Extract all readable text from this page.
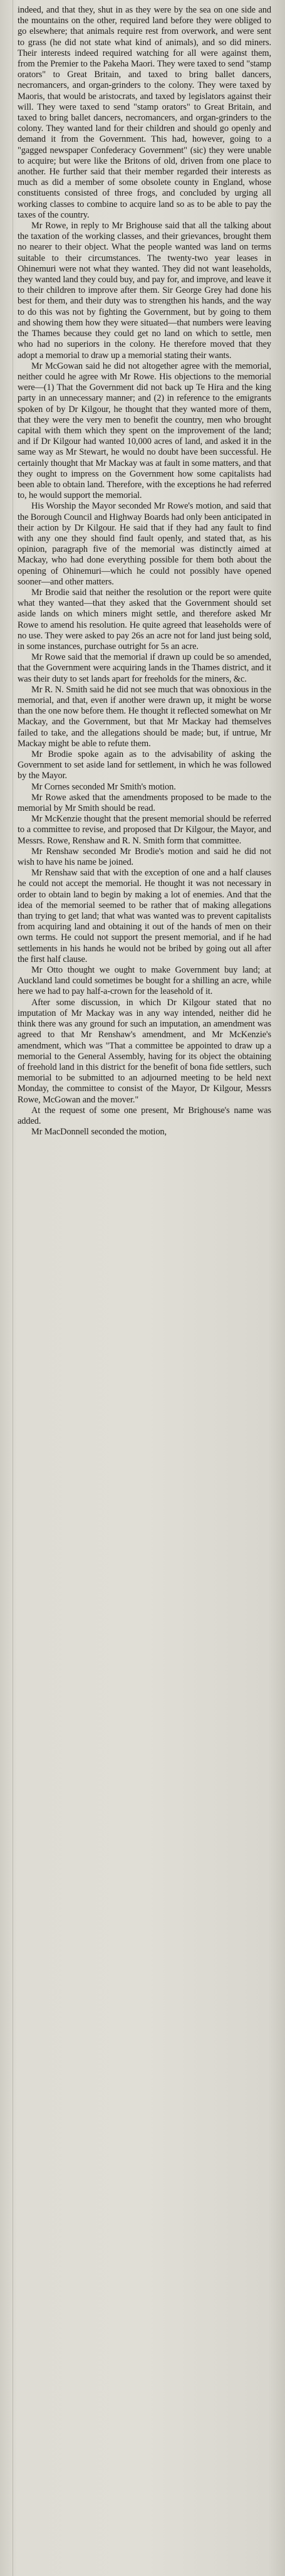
indeed, and that they, shut in as they were by the sea on one side and the mountains on the other, required land before they were obliged to go elsewhere; that animals require rest from overwork, and were sent to grass (he did not state what kind of animals), and so did miners. Their interests indeed required watching for all were against them, from the Premier to the Pakeha Maori. They were taxed to send "stamp orators" to Great Britain, and taxed to bring ballet dancers, necromancers, and organ-grinders to the colony. They were taxed by Maoris, that would be aristocrats, and taxed by legislators against their will. They were taxed to send "stamp orators" to Great Britain, and taxed to bring ballet dancers, necromancers, and organ-grinders to the colony. They wanted land for their children and should go openly and demand it from the Government. This had, however, going to a "gagged newspaper Confederacy Government" (sic) they were unable to acquire; but were like the Britons of old, driven from one place to another. He further said that their member regarded their interests as much as did a member of some obsolete county in England, whose constituents consisted of three frogs, and concluded by urging all working classes to combine to acquire land so as to be able to pay the taxes of the country.

Mr Rowe, in reply to Mr Brighouse said that all the talking about the taxation of the working classes, and their grievances, brought them no nearer to their object. What the people wanted was land on terms suitable to their circumstances. The twenty-two year leases in Ohinemuri were not what they wanted. They did not want leaseholds, they wanted land they could buy, and pay for, and improve, and leave it to their children to improve after them. Sir George Grey had done his best for them, and their duty was to strengthen his hands, and the way to do this was not by fighting the Government, but by going to them and showing them how they were situated—that numbers were leaving the Thames because they could get no land on which to settle, men who had no superiors in the colony. He therefore moved that they adopt a memorial to draw up a memorial stating their wants.

Mr McGowan said he did not altogether agree with the memorial, neither could he agree with Mr Rowe. His objections to the memorial were—(1) That the Government did not back up Te Hira and the king party in an unnecessary manner; and (2) in reference to the emigrants spoken of by Dr Kilgour, he thought that they wanted more of them, that they were the very men to benefit the country, men who brought capital with them which they spent on the improvement of the land; and if Dr Kilgour had wanted 10,000 acres of land, and asked it in the same way as Mr Stewart, he would no doubt have been successful. He certainly thought that Mr Mackay was at fault in some matters, and that they ought to impress on the Government how some capitalists had been able to obtain land. Therefore, with the exceptions he had referred to, he would support the memorial.

His Worship the Mayor seconded Mr Rowe's motion, and said that the Borough Council and Highway Boards had only been anticipated in their action by Dr Kilgour. He said that if they had any fault to find with any one they should find fault openly, and stated that, as his opinion, paragraph five of the memorial was distinctly aimed at Mackay, who had done everything possible for them both about the opening of Ohinemuri—which he could not possibly have opened sooner—and other matters.

Mr Brodie said that neither the resolution or the report were quite what they wanted—that they asked that the Government should set aside lands on which miners might settle, and therefore asked Mr Rowe to amend his resolution. He quite agreed that leaseholds were of no use. They were asked to pay 26s an acre not for land just being sold, in some instances, purchase outright for 5s an acre.

Mr Rowe said that the memorial if drawn up could be so amended, that the Government were acquiring lands in the Thames district, and it was their duty to set lands apart for freeholds for the miners, &c.

Mr R. N. Smith said he did not see much that was obnoxious in the memorial, and that, even if another were drawn up, it might be worse than the one now before them. He thought it reflected somewhat on Mr Mackay, and the Government, but that Mr Mackay had themselves failed to take, and the allegations should be made; but, if untrue, Mr Mackay might be able to refute them.

Mr Brodie spoke again as to the advisability of asking the Government to set aside land for settlement, in which he was followed by the Mayor.

Mr Cornes seconded Mr Smith's motion.

Mr Rowe asked that the amendments proposed to be made to the memorial by Mr Smith should be read.

Mr McKenzie thought that the present memorial should be referred to a committee to revise, and proposed that Dr Kilgour, the Mayor, and Messrs. Rowe, Renshaw and R. N. Smith form that committee.

Mr Renshaw seconded Mr Brodie's motion and said he did not wish to have his name be joined.

Mr Renshaw said that with the exception of one and a half clauses he could not accept the memorial. He thought it was not necessary in order to obtain land to begin by making a lot of enemies. And that the idea of the memorial seemed to be rather that of making allegations than trying to get land; that what was wanted was to prevent capitalists from acquiring land and obtaining it out of the hands of men on their own terms. He could not support the present memorial, and if he had settlements in his hands he would not be bribed by going out all after the first half clause.

Mr Otto thought we ought to make Government buy land; at Auckland land could sometimes be bought for a shilling an acre, while here we had to pay half-a-crown for the leasehold of it.

After some discussion, in which Dr Kilgour stated that no imputation of Mr Mackay was in any way intended, neither did he think there was any ground for such an imputation, an amendment was agreed to that Mr Renshaw's amendment, and Mr McKenzie's amendment, which was "That a committee be appointed to draw up a memorial to the General Assembly, having for its object the obtaining of freehold land in this district for the benefit of bona fide settlers, such memorial to be submitted to an adjourned meeting to be held next Monday, the committee to consist of the Mayor, Dr Kilgour, Messrs Rowe, McGowan and the mover."

At the request of some one present, Mr Brighouse's name was added.

Mr MacDonnell seconded the motion,
